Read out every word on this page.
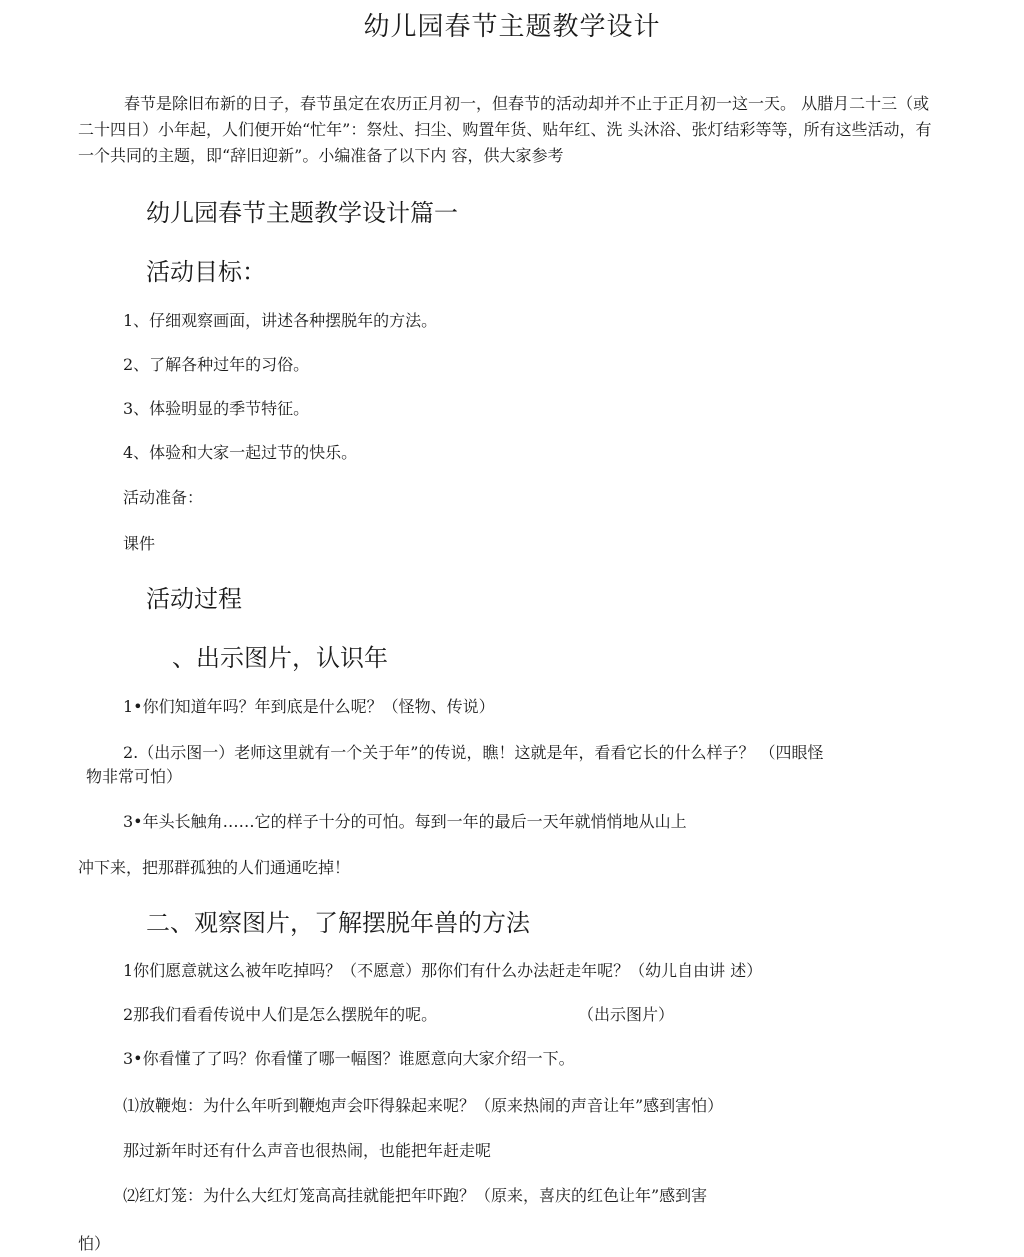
幼儿园春节主题教学设计
春节是除旧布新的日子，春节虽定在农历正月初一，但春节的活动却并不止于正月初一这一天。 从腊月二十三（或二十四日）小年起，人们便开始“忙年”：祭灶、扫尘、购置年货、贴年红、洗 头沐浴、张灯结彩等等，所有这些活动，有一个共同的主题，即“辞旧迎新”。小编准备了以下内 容，供大家参考
幼儿园春节主题教学设计篇一
活动目标：
1、仔细观察画面，讲述各种摆脱年的方法。
2、了解各种过年的习俗。
3、体验明显的季节特征。
4、体验和大家一起过节的快乐。
活动准备：
课件
活动过程
、出示图片，认识年
1•你们知道年吗？年到底是什么呢？（怪物、传说）
2.（出示图一）老师这里就有一个关于年”的传说，瞧！这就是年，看看它长的什么样子？ （四眼怪
物非常可怕）
3•年头长触角……它的样子十分的可怕。每到一年的最后一天年就悄悄地从山上
冲下来，把那群孤独的人们通通吃掉！
二、观察图片，了解摆脱年兽的方法
1你们愿意就这么被年吃掉吗？（不愿意）那你们有什么办法赶走年呢？（幼儿自由讲 述）
2那我们看看传说中人们是怎么摆脱年的呢。	（出示图片）
3•你看懂了了吗？你看懂了哪一幅图？谁愿意向大家介绍一下。
⑴放鞭炮：为什么年听到鞭炮声会吓得躲起来呢？（原来热闹的声音让年”感到害怕）
那过新年时还有什么声音也很热闹，也能把年赶走呢
⑵红灯笼：为什么大红灯笼高高挂就能把年吓跑？（原来，喜庆的红色让年”感到害
怕）
